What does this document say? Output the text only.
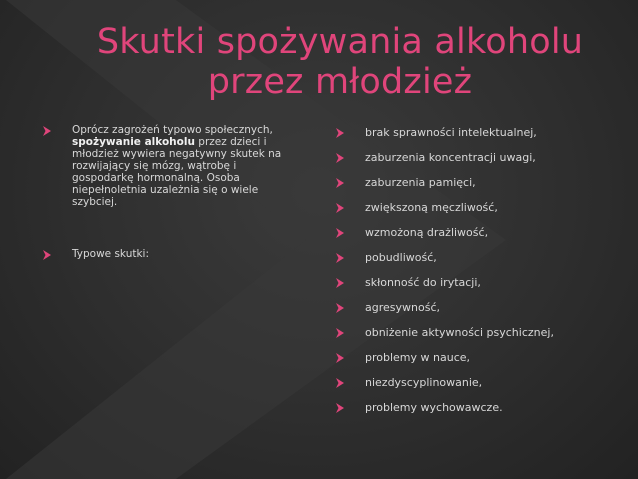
Skutki spożywania alkoholu
przez młodzież
Oprócz zagrożeń typowo społecznych, spożywanie alkoholu przez dzieci i młodzież wywiera negatywny skutek na rozwijający się mózg, wątrobę i gospodarkę hormonalną. Osoba niepełnoletnia uzależnia się o wiele szybciej.
Typowe skutki:
brak sprawności intelektualnej,
zaburzenia koncentracji uwagi,
zaburzenia pamięci,
zwiększoną męczliwość,
wzmożoną drażliwość,
pobudliwość,
skłonność do irytacji,
agresywność,
obniżenie aktywności psychicznej,
problemy w nauce,
niezdyscyplinowanie,
problemy wychowawcze.
